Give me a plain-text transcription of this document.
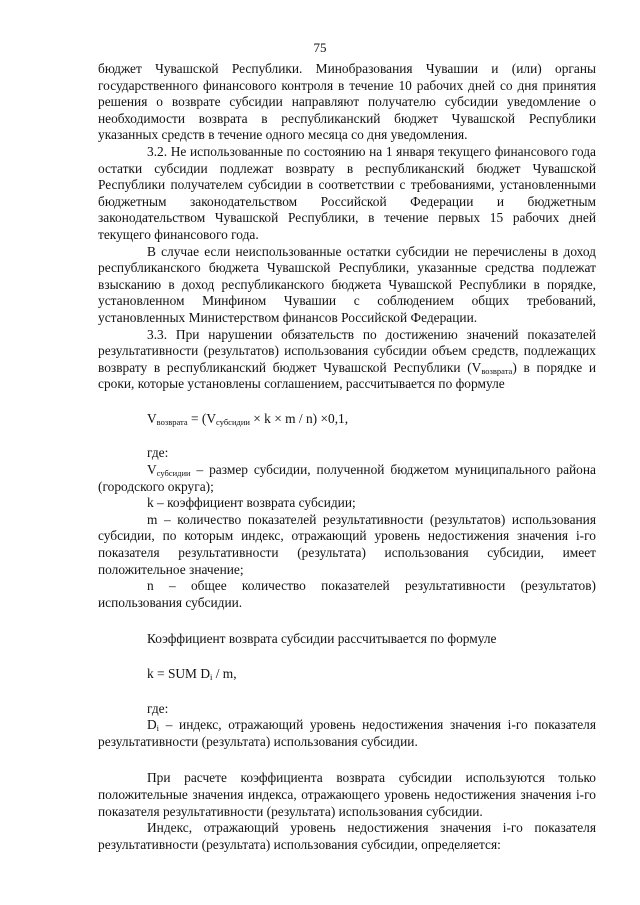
75

бюджет Чувашской Республики. Минобразования Чувашии и (или) органы государственного финансового контроля в течение 10 рабочих дней со дня принятия решения о возврате субсидии направляют получателю субсидии уведомление о необходимости возврата в республиканский бюджет Чувашской Республики указанных средств в течение одного месяца со дня уведомления.

3.2. Не использованные по состоянию на 1 января текущего финансового года остатки субсидии подлежат возврату в республиканский бюджет Чувашской Республики получателем субсидии в соответствии с требованиями, установленными бюджетным законодательством Российской Федерации и бюджетным законодательством Чувашской Республики, в течение первых 15 рабочих дней текущего финансового года.

В случае если неиспользованные остатки субсидии не перечислены в доход республиканского бюджета Чувашской Республики, указанные средства подлежат взысканию в доход республиканского бюджета Чувашской Республики в порядке, установленном Минфином Чувашии с соблюдением общих требований, установленных Министерством финансов Российской Федерации.

3.3. При нарушении обязательств по достижению значений показателей результативности (результатов) использования субсидии объем средств, подлежащих возврату в республиканский бюджет Чувашской Республики $(V_{возврата})$ в порядке и сроки, которые установлены соглашением, рассчитывается по формуле

$V_{возврата} = (V_{субсидии} \times k \times m / n) \times 0,1$,

где:

$V_{субсидии}$ – размер субсидии, полученной бюджетом муниципального района (городского округа);

k – коэффициент возврата субсидии;

m – количество показателей результативности (результатов) использования субсидии, по которым индекс, отражающий уровень недостижения значения i-го показателя результативности (результата) использования субсидии, имеет положительное значение;

n – общее количество показателей результативности (результатов) использования субсидии.

Коэффициент возврата субсидии рассчитывается по формуле

k = SUM $D_i$ / m,

где:

$D_i$ – индекс, отражающий уровень недостижения значения i-го показателя результативности (результата) использования субсидии.

При расчете коэффициента возврата субсидии используются только положительные значения индекса, отражающего уровень недостижения значения i-го показателя результативности (результата) использования субсидии.

Индекс, отражающий уровень недостижения значения i-го показателя результативности (результата) использования субсидии, определяется:
